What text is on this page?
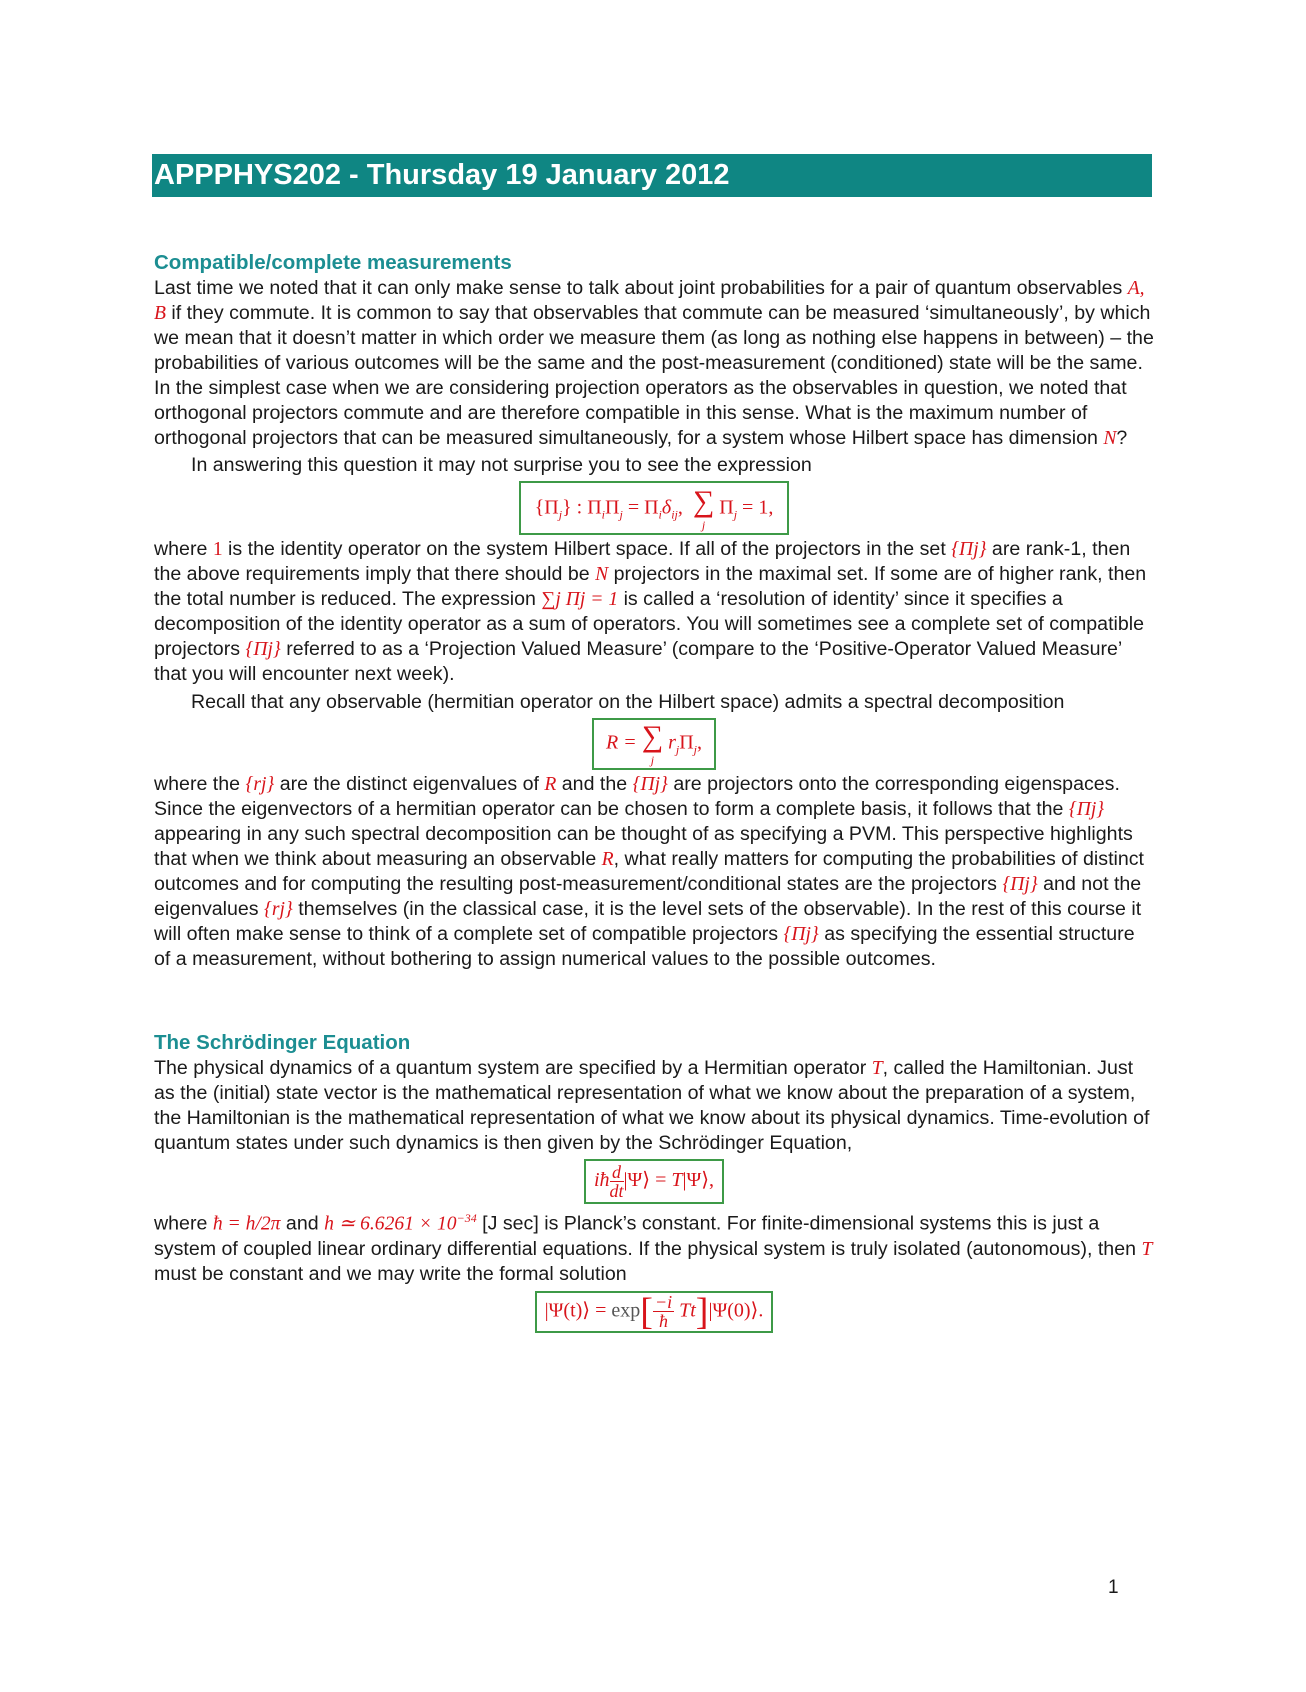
APPPHYS202 - Thursday 19 January 2012
Compatible/complete measurements

Last time we noted that it can only make sense to talk about joint probabilities for a pair of quantum observables A, B if they commute. It is common to say that observables that commute can be measured ‘simultaneously’, by which we mean that it doesn’t matter in which order we measure them (as long as nothing else happens in between) – the probabilities of various outcomes will be the same and the post-measurement (conditioned) state will be the same. In the simplest case when we are considering projection operators as the observables in question, we noted that orthogonal projectors commute and are therefore compatible in this sense. What is the maximum number of orthogonal projectors that can be measured simultaneously, for a system whose Hilbert space has dimension N?

In answering this question it may not surprise you to see the expression

$\{\Pi_j\}$ : $\Pi_i\Pi_j = \Pi_i\delta_{ij}$, ∑
j
$\Pi_j = 1$,

where 1 is the identity operator on the system Hilbert space. If all of the projectors in the set {Πj} are rank-1, then the above requirements imply that there should be N projectors in the maximal set. If some are of higher rank, then the total number is reduced. The expression ∑j Πj = 1 is called a ‘resolution of identity’ since it specifies a decomposition of the identity operator as a sum of operators. You will sometimes see a complete set of compatible projectors {Πj} referred to as a ‘Projection Valued Measure’ (compare to the ‘Positive-Operator Valued Measure’ that you will encounter next week).

Recall that any observable (hermitian operator on the Hilbert space) admits a spectral decomposition

R = ∑
j
$r_j\Pi_j$,

where the {rj} are the distinct eigenvalues of R and the {Πj} are projectors onto the corresponding eigenspaces. Since the eigenvectors of a hermitian operator can be chosen to form a complete basis, it follows that the {Πj} appearing in any such spectral decomposition can be thought of as specifying a PVM. This perspective highlights that when we think about measuring an observable R, what really matters for computing the probabilities of distinct outcomes and for computing the resulting post-measurement/conditional states are the projectors {Πj} and not the eigenvalues {rj} themselves (in the classical case, it is the level sets of the observable). In the rest of this course it will often make sense to think of a complete set of compatible projectors {Πj} as specifying the essential structure of a measurement, without bothering to assign numerical values to the possible outcomes.

The Schrödinger Equation

The physical dynamics of a quantum system are specified by a Hermitian operator T, called the Hamiltonian. Just as the (initial) state vector is the mathematical representation of what we know about the preparation of a system, the Hamiltonian is the mathematical representation of what we know about its physical dynamics. Time-evolution of quantum states under such dynamics is then given by the Schrödinger Equation,

iħ $\frac{d}{dt}$ |Ψ⟩ = T|Ψ⟩,

where ħ = h/2π and h ≃ $6.6261 \times 10^{-34}$ [J sec] is Planck’s constant. For finite-dimensional systems this is just a system of coupled linear ordinary differential equations. If the physical system is truly isolated (autonomous), then T must be constant and we may write the formal solution

|Ψ(t)⟩ = $\exp[ \frac{-i}{ħ}$ Tt]|Ψ(0)⟩.
1
